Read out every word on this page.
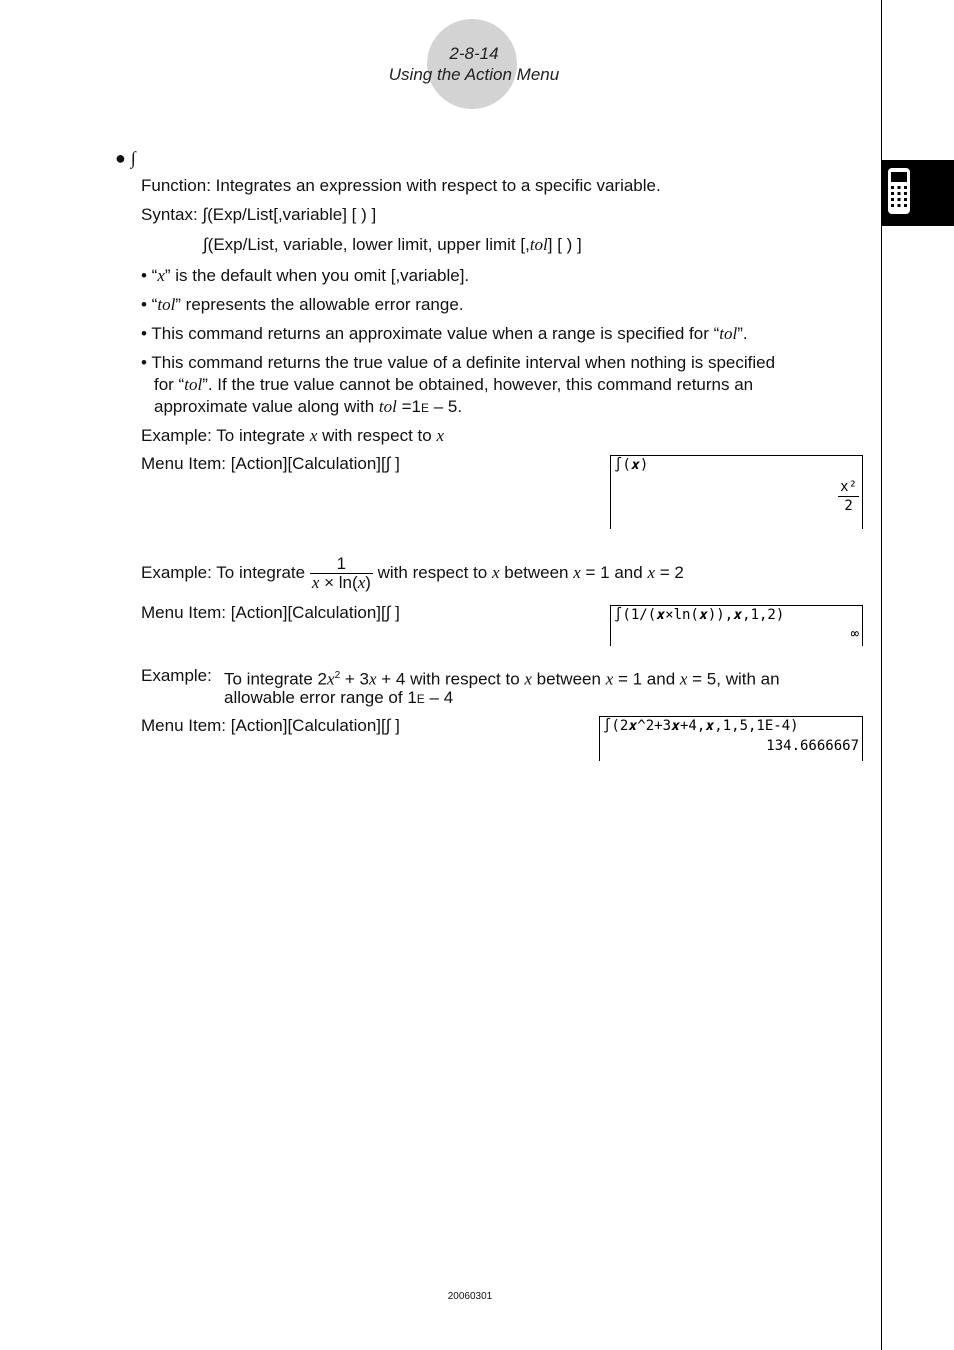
2-8-14
Using the Action Menu
● ∫
Function: Integrates an expression with respect to a specific variable.
Syntax: ∫(Exp/List[,variable] [ ) ]
∫(Exp/List, variable, lower limit, upper limit [,tol] [ ) ]
• “x” is the default when you omit [,variable].
• “tol” represents the allowable error range.
• This command returns an approximate value when a range is specified for “tol”.
• This command returns the true value of a definite interval when nothing is specified
for “tol”. If the true value cannot be obtained, however, this command returns an
approximate value along with tol =1E – 5.
Example: To integrate x with respect to x
Menu Item: [Action][Calculation][∫ ]	∫(𝒙)
$\frac{\text{x²}}{2}$
Example: To integrate $\frac{1}{x \times \ln(x)}$ with respect to x between x = 1 and x = 2
Menu Item: [Action][Calculation][∫ ]	∫(1/(𝒙×ln(𝒙)),𝒙,1,2)
∞
Example: To integrate $2x^2 + 3x + 4$ with respect to x between x = 1 and x = 5, with an
allowable error range of 1E – 4
Menu Item: [Action][Calculation][∫ ]	∫(2𝒙^2+3𝒙+4,𝒙,1,5,1E-4)
134.6666667
20060301
